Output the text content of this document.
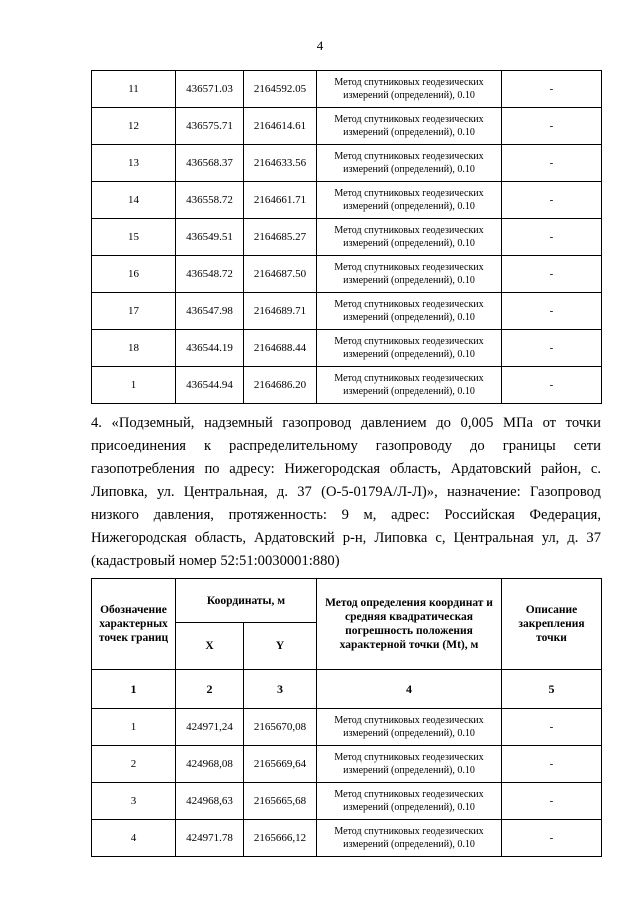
4
11	436571.03	2164592.05	Метод спутниковых геодезических измерений (определений), 0.10	-
12	436575.71	2164614.61	Метод спутниковых геодезических измерений (определений), 0.10	-
13	436568.37	2164633.56	Метод спутниковых геодезических измерений (определений), 0.10	-
14	436558.72	2164661.71	Метод спутниковых геодезических измерений (определений), 0.10	-
15	436549.51	2164685.27	Метод спутниковых геодезических измерений (определений), 0.10	-
16	436548.72	2164687.50	Метод спутниковых геодезических измерений (определений), 0.10	-
17	436547.98	2164689.71	Метод спутниковых геодезических измерений (определений), 0.10	-
18	436544.19	2164688.44	Метод спутниковых геодезических измерений (определений), 0.10	-
1	436544.94	2164686.20	Метод спутниковых геодезических измерений (определений), 0.10	-

4. «Подземный, надземный газопровод давлением до 0,005 МПа от точки присоединения к распределительному газопроводу до границы сети газопотребления по адресу: Нижегородская область, Ардатовский район, с. Липовка, ул. Центральная, д. 37 (О-5-0179А/Л-Л)», назначение: Газопровод низкого давления, протяженность: 9 м, адрес: Российская Федерация, Нижегородская область, Ардатовский р-н, Липовка с, Центральная ул, д. 37 (кадастровый номер 52:51:0030001:880)

Обозначение характерных точек границ	Координаты, м		Метод определения координат и средняя квадратическая погрешность положения характерной точки (Mt), м	Описание закрепления точки
	X	Y		
1	2	3	4	5
1	424971,24	2165670,08	Метод спутниковых геодезических измерений (определений), 0.10	-
2	424968,08	2165669,64	Метод спутниковых геодезических измерений (определений), 0.10	-
3	424968,63	2165665,68	Метод спутниковых геодезических измерений (определений), 0.10	-
4	424971.78	2165666,12	Метод спутниковых геодезических измерений (определений), 0.10	-
